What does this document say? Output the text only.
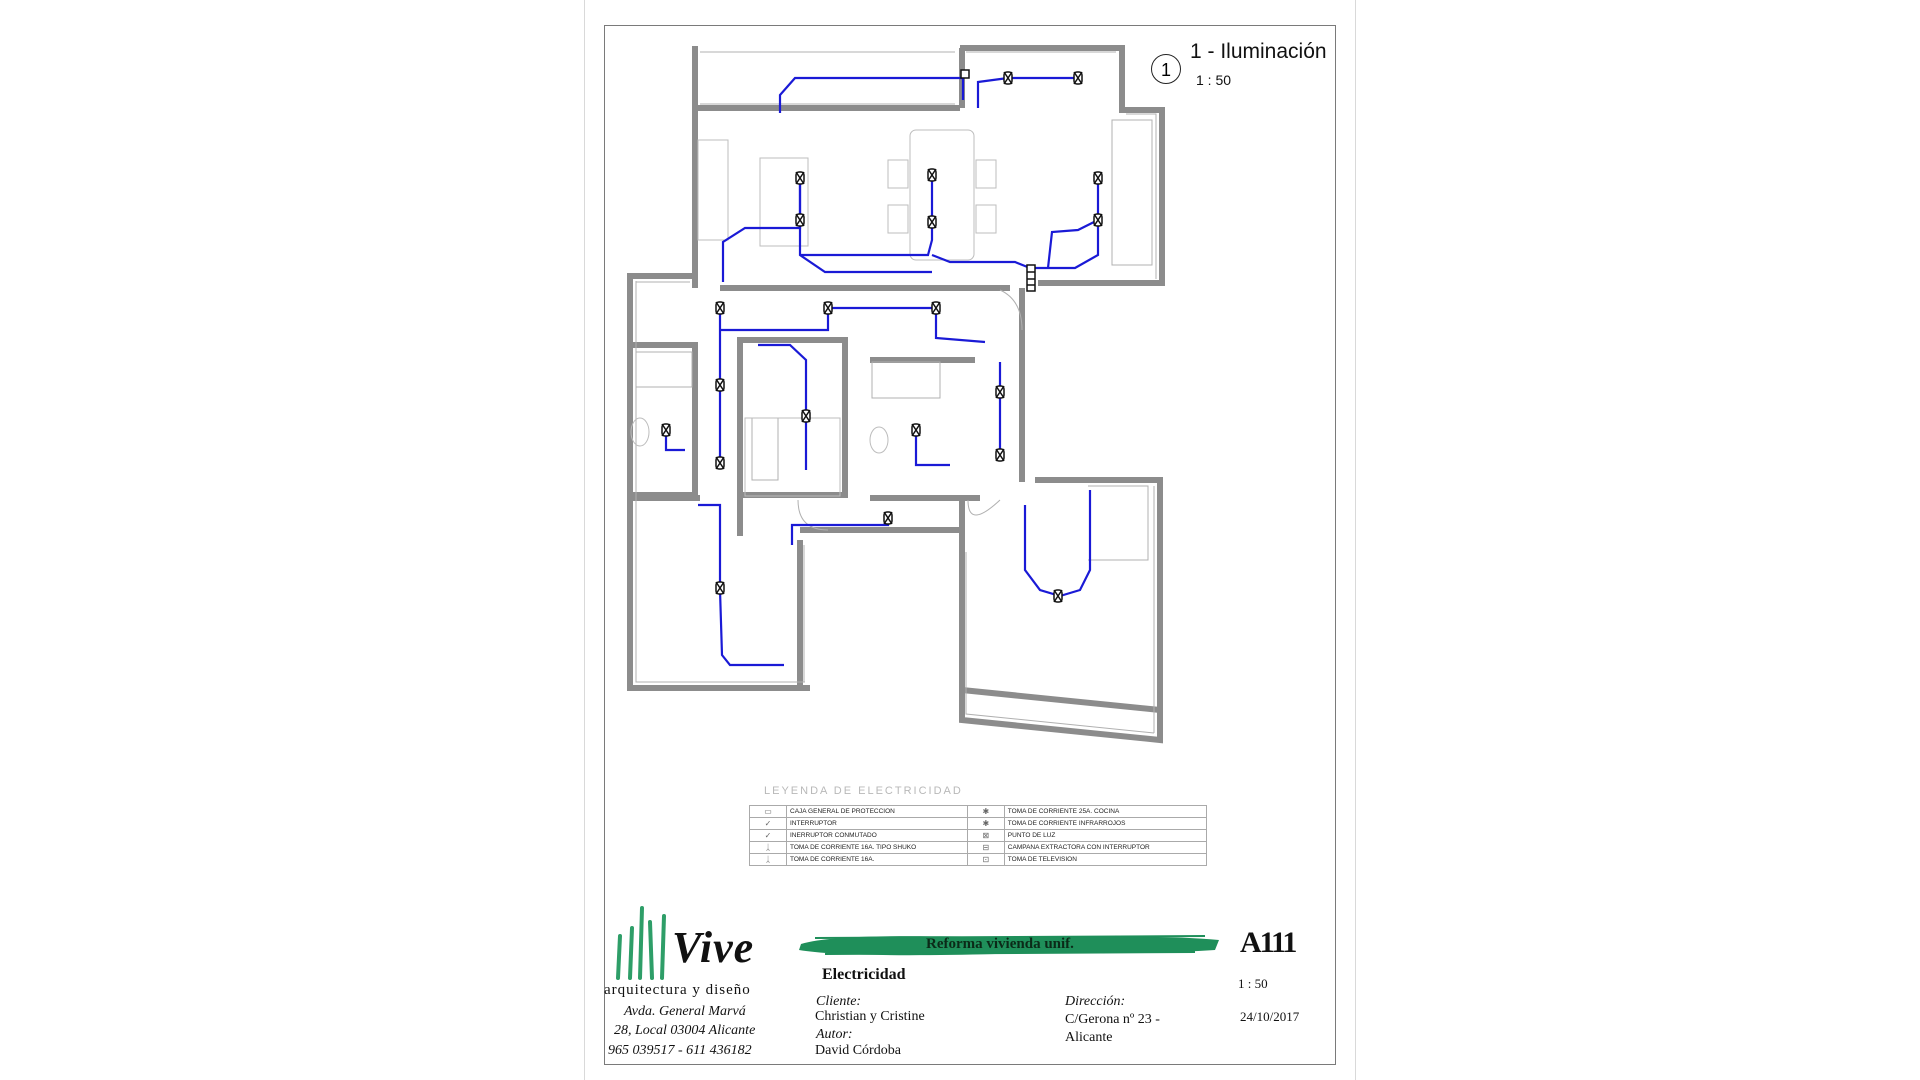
1
1 - Iluminación
1 : 50
LEYENDA DE ELECTRICIDAD
▭	CAJA GENERAL DE PROTECCION	✱	TOMA DE CORRIENTE 25A. COCINA
✓	INTERRUPTOR	✱	TOMA DE CORRIENTE INFRARROJOS
✓	INERRUPTOR CONMUTADO	⊠	PUNTO DE LUZ
ᛣ	TOMA DE CORRIENTE 16A. TIPO SHUKO	⊟	CAMPANA EXTRACTORA CON INTERRUPTOR
ᛣ	TOMA DE CORRIENTE 16A.	⊡	TOMA DE TELEVISION
Vive
arquitectura y diseño
Avda. General Marvá
28, Local 03004 Alicante
965 039517 - 611 436182
Reforma vivienda unif.	A111
Electricidad
Cliente:
Christian y Cristine
Autor:
David Córdoba
Dirección:
C/Gerona nº 23 -
Alicante
1 : 50
24/10/2017
